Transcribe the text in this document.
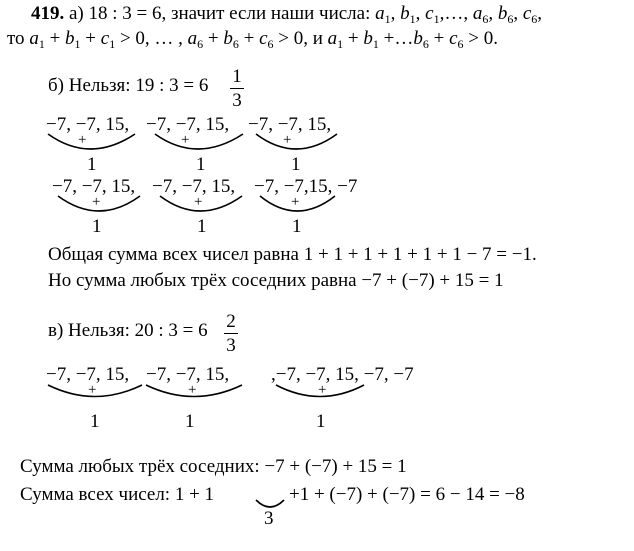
419. а) 18 : 3 = 6, значит если наши числа: $a_1$, $b_1$, $c_1,\dots$, $a_6$, $b_6$, $c_6$,
то $a_1 + b_1 + c_1 > 0$, … , $a_6 + b_6 + c_6 > 0$, и $a_1 + b_1$ $+\dots b_6 + c_6 > 0$.
б) Нельзя: 19 : 3 = 6 1
3
−7, −7, 15, −7, −7, 15, −7, −7, 15,
+	+	+
1	1	1
−7, −7, 15, −7, −7, 15, −7, −7,15, −7
+	+	+
1	1	1
Общая сумма всех чисел равна 1 + 1 + 1 + 1 + 1 + 1 − 7 = −1.
Но сумма любых трёх соседних равна −7 + (−7) + 15 = 1
в) Нельзя: 20 : 3 = 6 2
3
−7, −7, 15, −7, −7, 15, ,−7, −7, 15, −7, −7
+	+	+
1	1	1
Сумма любых трёх соседних: −7 + (−7) + 15 = 1
Сумма всех чисел: 1 + 1	+1 + (−7) + (−7) = 6 − 14 = −8
3
